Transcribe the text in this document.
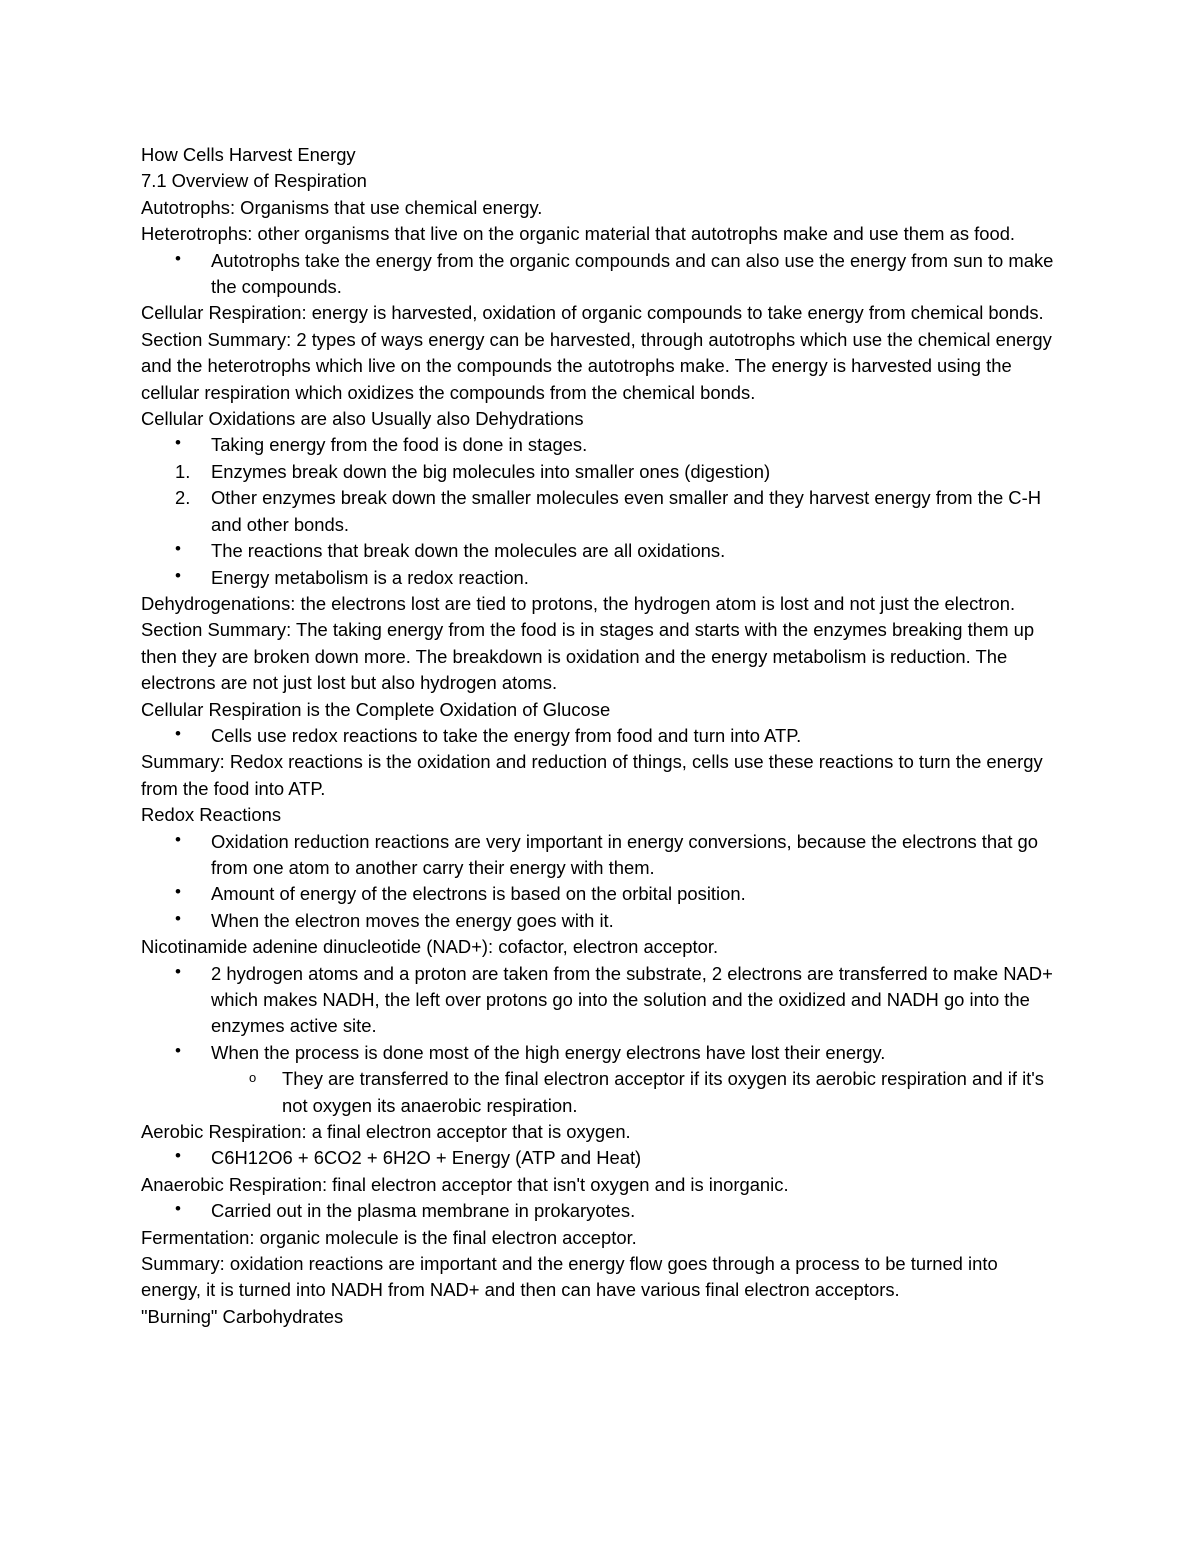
How Cells Harvest Energy

7.1 Overview of Respiration

Autotrophs: Organisms that use chemical energy.

Heterotrophs: other organisms that live on the organic material that autotrophs make and use them as food.

•	Autotrophs take the energy from the organic compounds and can also use the energy from sun to make the compounds.

Cellular Respiration: energy is harvested, oxidation of organic compounds to take energy from chemical bonds.

Section Summary: 2 types of ways energy can be harvested, through autotrophs which use the chemical energy and the heterotrophs which live on the compounds the autotrophs make. The energy is harvested using the cellular respiration which oxidizes the compounds from the chemical bonds.

Cellular Oxidations are also Usually also Dehydrations

•	Taking energy from the food is done in stages.
1.	Enzymes break down the big molecules into smaller ones (digestion)
2.	Other enzymes break down the smaller molecules even smaller and they harvest energy from the C-H and other bonds.
•	The reactions that break down the molecules are all oxidations.
•	Energy metabolism is a redox reaction.

Dehydrogenations: the electrons lost are tied to protons, the hydrogen atom is lost and not just the electron.

Section Summary: The taking energy from the food is in stages and starts with the enzymes breaking them up then they are broken down more. The breakdown is oxidation and the energy metabolism is reduction. The electrons are not just lost but also hydrogen atoms.

Cellular Respiration is the Complete Oxidation of Glucose

•	Cells use redox reactions to take the energy from food and turn into ATP.

Summary: Redox reactions is the oxidation and reduction of things, cells use these reactions to turn the energy from the food into ATP.

Redox Reactions

•	Oxidation reduction reactions are very important in energy conversions, because the electrons that go from one atom to another carry their energy with them.
•	Amount of energy of the electrons is based on the orbital position.
•	When the electron moves the energy goes with it.

Nicotinamide adenine dinucleotide (NAD+): cofactor, electron acceptor.

•	2 hydrogen atoms and a proton are taken from the substrate, 2 electrons are transferred to make NAD+ which makes NADH, the left over protons go into the solution and the oxidized and NADH go into the enzymes active site.
•	When the process is done most of the high energy electrons have lost their energy.
o They are transferred to the final electron acceptor if its oxygen its aerobic respiration and if it's not oxygen its anaerobic respiration.

Aerobic Respiration: a final electron acceptor that is oxygen.

•	C6H12O6 + 6CO2 + 6H2O + Energy (ATP and Heat)

Anaerobic Respiration: final electron acceptor that isn't oxygen and is inorganic.

•	Carried out in the plasma membrane in prokaryotes.

Fermentation: organic molecule is the final electron acceptor.

Summary: oxidation reactions are important and the energy flow goes through a process to be turned into energy, it is turned into NADH from NAD+ and then can have various final electron acceptors.

"Burning" Carbohydrates
